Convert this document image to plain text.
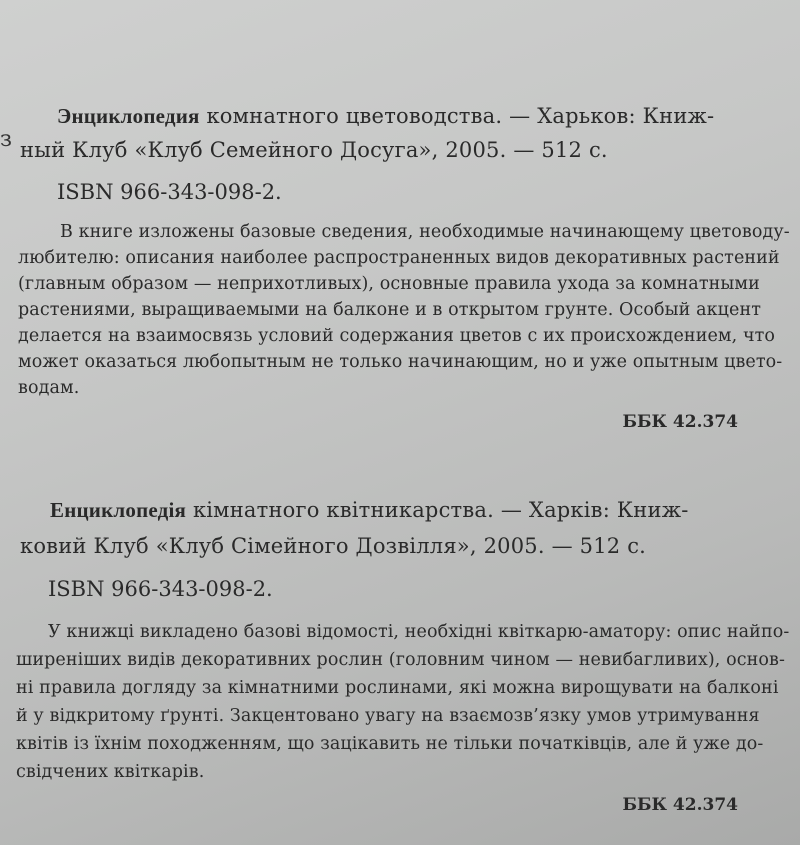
з
Энциклопедия комнатного цветоводства. — Харьков: Книж-
ный Клуб «Клуб Семейного Досуга», 2005. — 512 с.
ISBN 966-343-098-2.
В книге изложены базовые сведения, необходимые начинающему цветоводу-
любителю: описания наиболее распространенных видов декоративных растений
(главным образом — неприхотливых), основные правила ухода за комнатными
растениями, выращиваемыми на балконе и в открытом грунте. Особый акцент
делается на взаимосвязь условий содержания цветов с их происхождением, что
может оказаться любопытным не только начинающим, но и уже опытным цвето-
водам.
ББК 42.374
Енциклопедія кімнатного квітникарства. — Харків: Книж-
ковий Клуб «Клуб Сімейного Дозвілля», 2005. — 512 с.
ISBN 966-343-098-2.
У книжці викладено базові відомості, необхідні квіткарю-аматору: опис найпо-
ширеніших видів декоративних рослин (головним чином — невибагливих), основ-
ні правила догляду за кімнатними рослинами, які можна вирощувати на балконі
й у відкритому ґрунті. Закцентовано увагу на взаємозв’язку умов утримування
квітів із їхнім походженням, що зацікавить не тільки початківців, але й уже до-
свідчених квіткарів.
ББК 42.374
